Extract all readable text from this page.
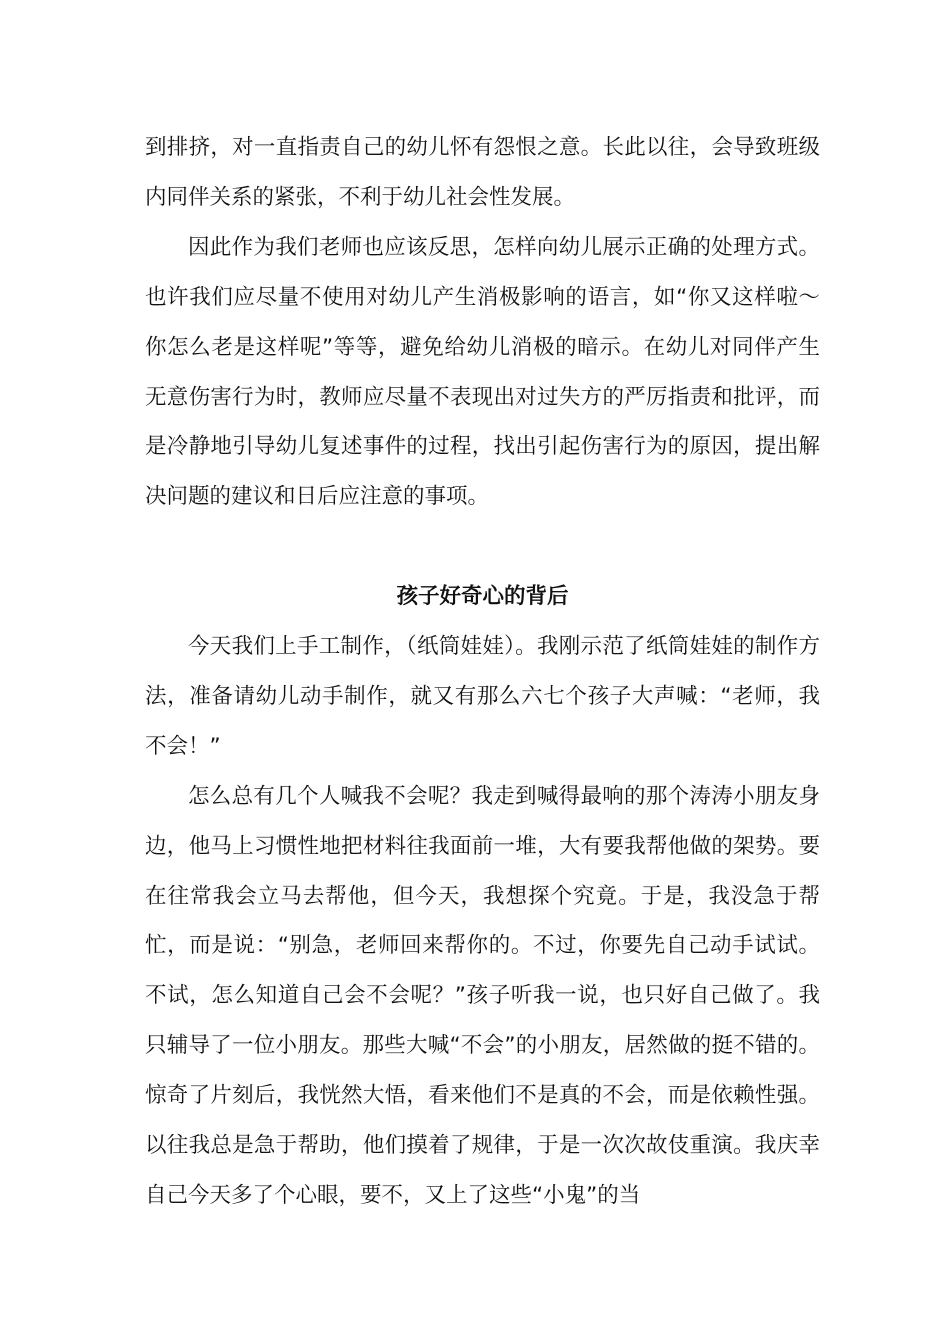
到排挤，对一直指责自己的幼儿怀有怨恨之意。长此以往，会导致班级内同伴关系的紧张，不利于幼儿社会性发展。

因此作为我们老师也应该反思，怎样向幼儿展示正确的处理方式。也许我们应尽量不使用对幼儿产生消极影响的语言，如“你又这样啦～你怎么老是这样呢”等等，避免给幼儿消极的暗示。在幼儿对同伴产生无意伤害行为时，教师应尽量不表现出对过失方的严厉指责和批评，而是冷静地引导幼儿复述事件的过程，找出引起伤害行为的原因，提出解决问题的建议和日后应注意的事项。

孩子好奇心的背后

今天我们上手工制作，（纸筒娃娃）。我刚示范了纸筒娃娃的制作方法，准备请幼儿动手制作，就又有那么六七个孩子大声喊：“老师，我不会！”

怎么总有几个人喊我不会呢？我走到喊得最响的那个涛涛小朋友身边，他马上习惯性地把材料往我面前一堆，大有要我帮他做的架势。要在往常我会立马去帮他，但今天，我想探个究竟。于是，我没急于帮忙，而是说：“别急，老师回来帮你的。不过，你要先自己动手试试。不试，怎么知道自己会不会呢？”孩子听我一说，也只好自己做了。我只辅导了一位小朋友。那些大喊“不会”的小朋友，居然做的挺不错的。惊奇了片刻后，我恍然大悟，看来他们不是真的不会，而是依赖性强。以往我总是急于帮助，他们摸着了规律，于是一次次故伎重演。我庆幸自己今天多了个心眼，要不，又上了这些“小鬼”的当
